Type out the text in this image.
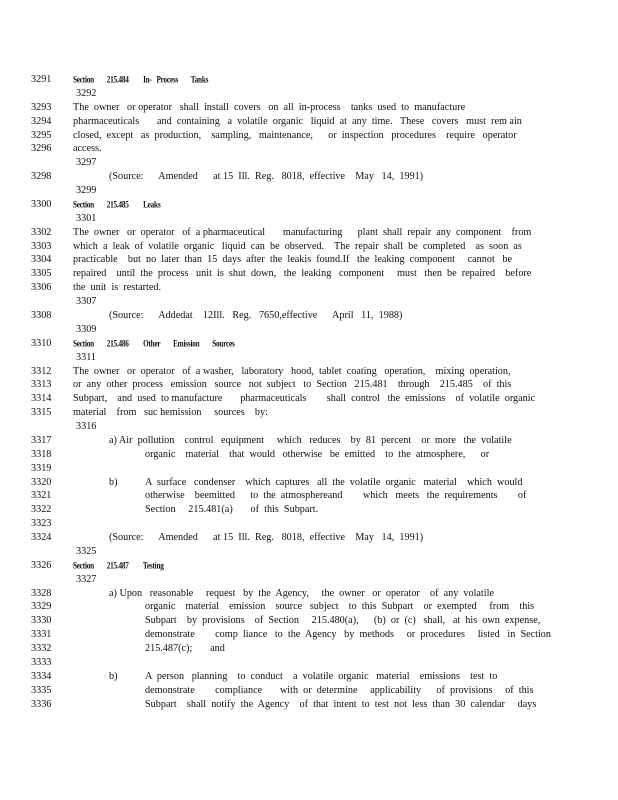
3291	Section        215.484         In-   Process        Tanks
3292
3293 The  owner   or operator   shall  install  covers   on  all  in-process    tanks  used  to  manufacture
3294 pharmaceuticals       and  containing   a  volatile  organic   liquid  at  any  time.   These   covers   must  rem ain
3295 closed,  except   as  production,    sampling,   maintenance,      or  inspection   procedures    require   operator
3296 access.
3297
3298	(Source:      Amended      at 15  Ill.  Reg.   8018,  effective    May   14,  1991)
3299
3300	Section        215.485         Leaks
3301
3302 The  owner   or  operator   of  a pharmaceutical       manufacturing      plant  shall  repair  any  component    from
3303 which  a  leak  of  volatile  organic   liquid  can  be  observed.    The  repair  shall  be  completed    as  soon  as
3304 practicable    but  no  later  than  15  days  after  the  leakis  found.If   the  leaking  component     cannot   be
3305 repaired    until  the  process   unit  is  shut  down,   the  leaking   component     must   then  be  repaired    before
3306 the  unit  is  restarted.
3307
3308	(Source:      Addedat    12Ill.   Reg.   7650,effective      April   11,  1988)
3309
3310	Section        215.486         Other        Emission        Sources
3311
3312 The  owner   or  operator   of  a washer,   laboratory   hood,  tablet  coating   operation,    mixing  operation,
3313 or  any  other  process   emission   source   not  subject   to  Section   215.481    through    215.485    of  this
3314 Subpart,    and  used  to manufacture       pharmaceuticals        shall  control   the  emissions    of  volatile  organic
3315 material    from   suc hemission     sources    by:
3316
3317	a) Air  pollution    control   equipment     which   reduces    by  81  percent    or  more   the  volatile
3318	organic    material    that  would   otherwise   be  emitted    to  the  atmosphere,      or
3319
3320	b)	A  surface   condenser    which  captures   all  the  volatile  organic   material    which  would
3321	otherwise    beemitted      to  the  atmosphereand        which   meets   the  requirements        of
3322	Section     215.481(a)       of  this  Subpart.
3323
3324	(Source:      Amended      at 15  Ill.  Reg.   8018,  effective    May   14,  1991)
3325
3326	Section        215.487         Testing
3327
3328	a) Upon   reasonable     request   by  the  Agency,     the  owner   or  operator    of  any  volatile
3329	organic    material    emission    source   subject    to  this  Subpart    or  exempted     from    this
3330	Subpart    by  provisions    of  Section     215.480(a),      (b)  or  (c)   shall,   at  his  own  expense,
3331	demonstrate        comp  liance   to  the  Agency   by  methods     or  procedures     listed   in  Section
3332	215.487(c);       and
3333
3334	b)	A  person   planning    to  conduct    a  volatile  organic   material    emissions    test  to
3335	demonstrate        compliance       with  or  determine     applicability      of  provisions     of  this
3336	Subpart    shall  notify  the  Agency    of  that  intent  to  test  not  less  than  30  calendar     days
